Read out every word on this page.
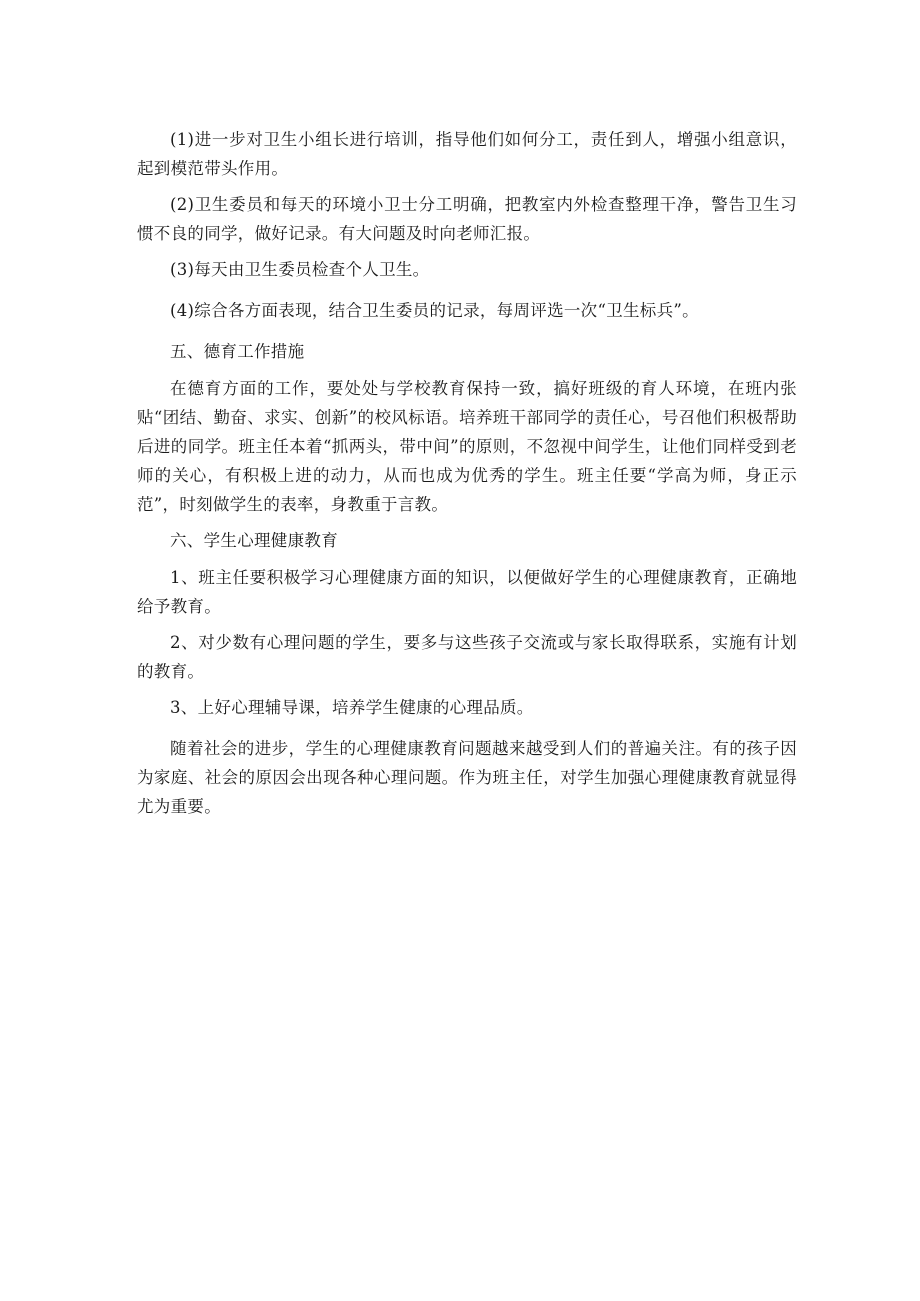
(1)进一步对卫生小组长进行培训，指导他们如何分工，责任到人，增强小组意识，起到模范带头作用。

(2)卫生委员和每天的环境小卫士分工明确，把教室内外检查整理干净，警告卫生习惯不良的同学，做好记录。有大问题及时向老师汇报。

(3)每天由卫生委员检查个人卫生。

(4)综合各方面表现，结合卫生委员的记录，每周评选一次“卫生标兵”。

五、德育工作措施

在德育方面的工作，要处处与学校教育保持一致，搞好班级的育人环境，在班内张贴“团结、勤奋、求实、创新”的校风标语。培养班干部同学的责任心，号召他们积极帮助后进的同学。班主任本着“抓两头，带中间”的原则，不忽视中间学生，让他们同样受到老师的关心，有积极上进的动力，从而也成为优秀的学生。班主任要“学高为师，身正示范”，时刻做学生的表率，身教重于言教。

六、学生心理健康教育

1、班主任要积极学习心理健康方面的知识，以便做好学生的心理健康教育，正确地给予教育。

2、对少数有心理问题的学生，要多与这些孩子交流或与家长取得联系，实施有计划的教育。

3、上好心理辅导课，培养学生健康的心理品质。

随着社会的进步，学生的心理健康教育问题越来越受到人们的普遍关注。有的孩子因为家庭、社会的原因会出现各种心理问题。作为班主任，对学生加强心理健康教育就显得尤为重要。
